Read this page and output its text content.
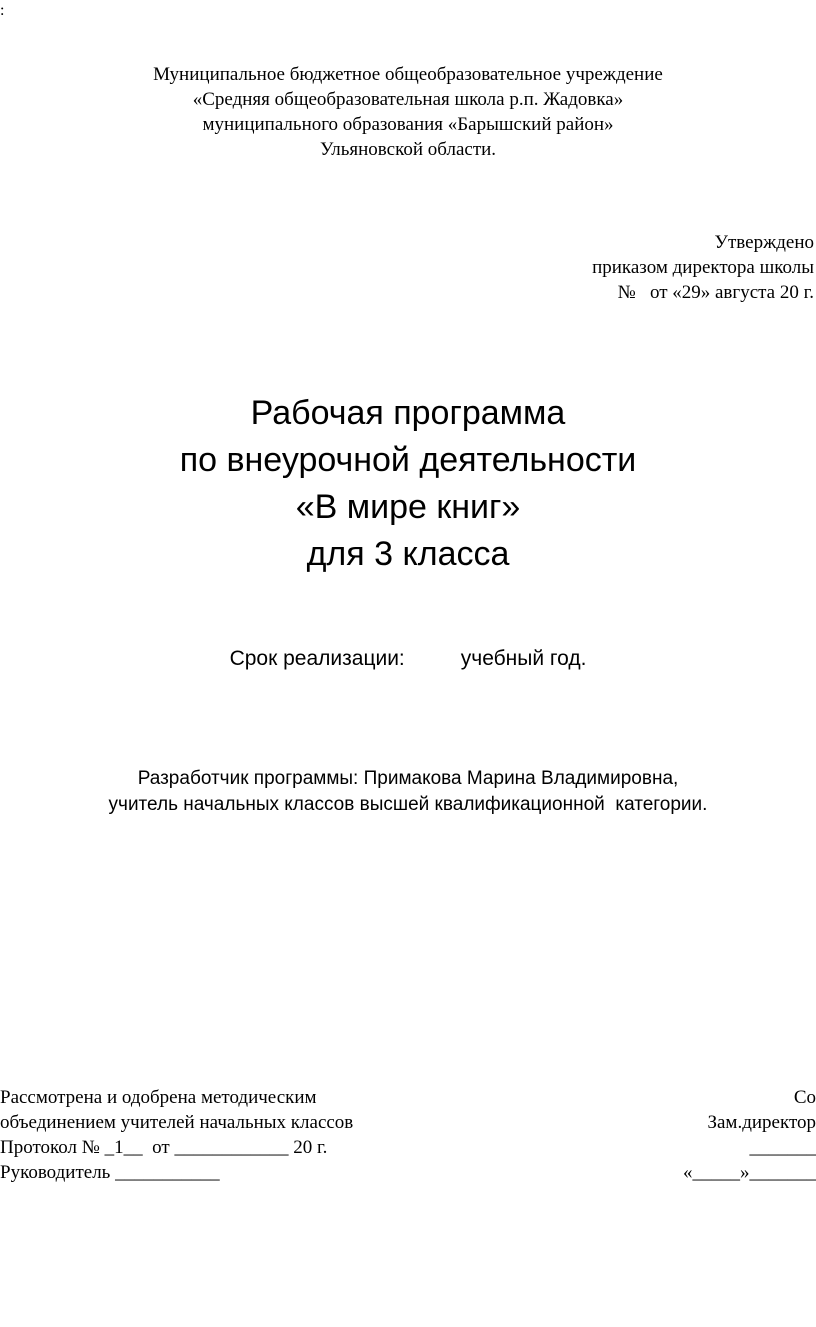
:
Муниципальное бюджетное общеобразовательное учреждение
«Средняя общеобразовательная школа р.п. Жадовка»
муниципального образования «Барышский район»
Ульяновской области.
Утверждено
приказом директора школы
№   от «29» августа 20 г.
Рабочая программа
по внеурочной деятельности
«В мире книг»
для 3 класса
Срок реализации:	учебный год.
Разработчик программы: Примакова Марина Владимировна,
учитель начальных классов высшей квалификационной  категории.
Рассмотрена и одобрена методическим
объединением учителей начальных классов
Протокол № _1__  от ____________ 20 г.
Руководитель ___________
Со
Зам.директор
_______
«_____»_______
